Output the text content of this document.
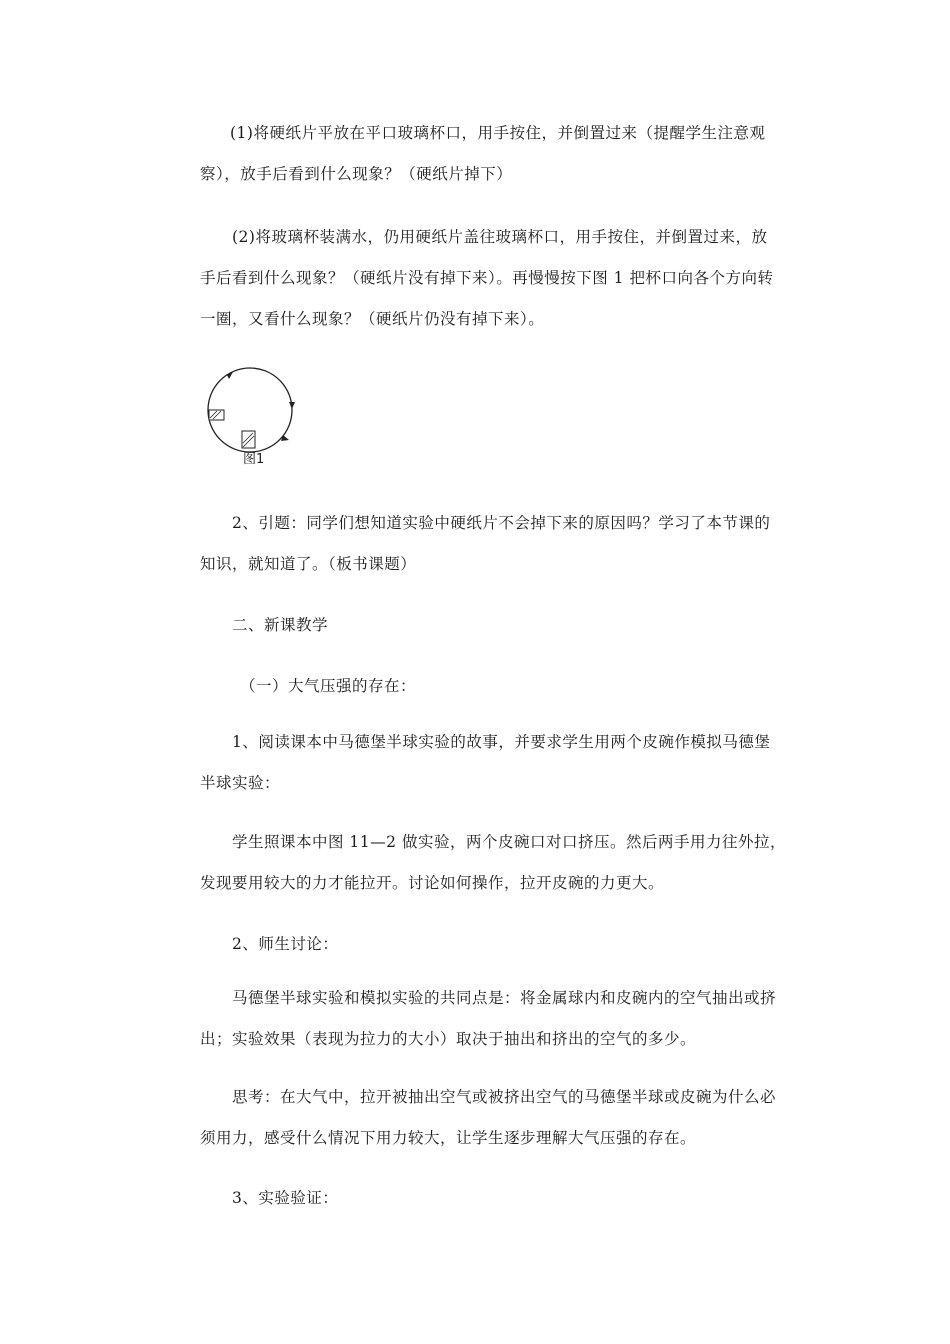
(1)将硬纸片平放在平口玻璃杯口，用手按住，并倒置过来（提醒学生注意观
察），放手后看到什么现象？（硬纸片掉下）
(2)将玻璃杯装满水，仍用硬纸片盖往玻璃杯口，用手按住，并倒置过来，放
手后看到什么现象？（硬纸片没有掉下来）。再慢慢按下图 1 把杯口向各个方向转
一圈，又看什么现象？（硬纸片仍没有掉下来）。
图1
2、引题：同学们想知道实验中硬纸片不会掉下来的原因吗？学习了本节课的
知识，就知道了。（板书课题）
二、新课教学
（一）大气压强的存在：
1、阅读课本中马德堡半球实验的故事，并要求学生用两个皮碗作模拟马德堡
半球实验：
学生照课本中图 11—2 做实验，两个皮碗口对口挤压。然后两手用力往外拉，
发现要用较大的力才能拉开。讨论如何操作，拉开皮碗的力更大。
2、师生讨论：
马德堡半球实验和模拟实验的共同点是：将金属球内和皮碗内的空气抽出或挤
出；实验效果（表现为拉力的大小）取决于抽出和挤出的空气的多少。
思考：在大气中，拉开被抽出空气或被挤出空气的马德堡半球或皮碗为什么必
须用力，感受什么情况下用力较大，让学生逐步理解大气压强的存在。
3、实验验证：
